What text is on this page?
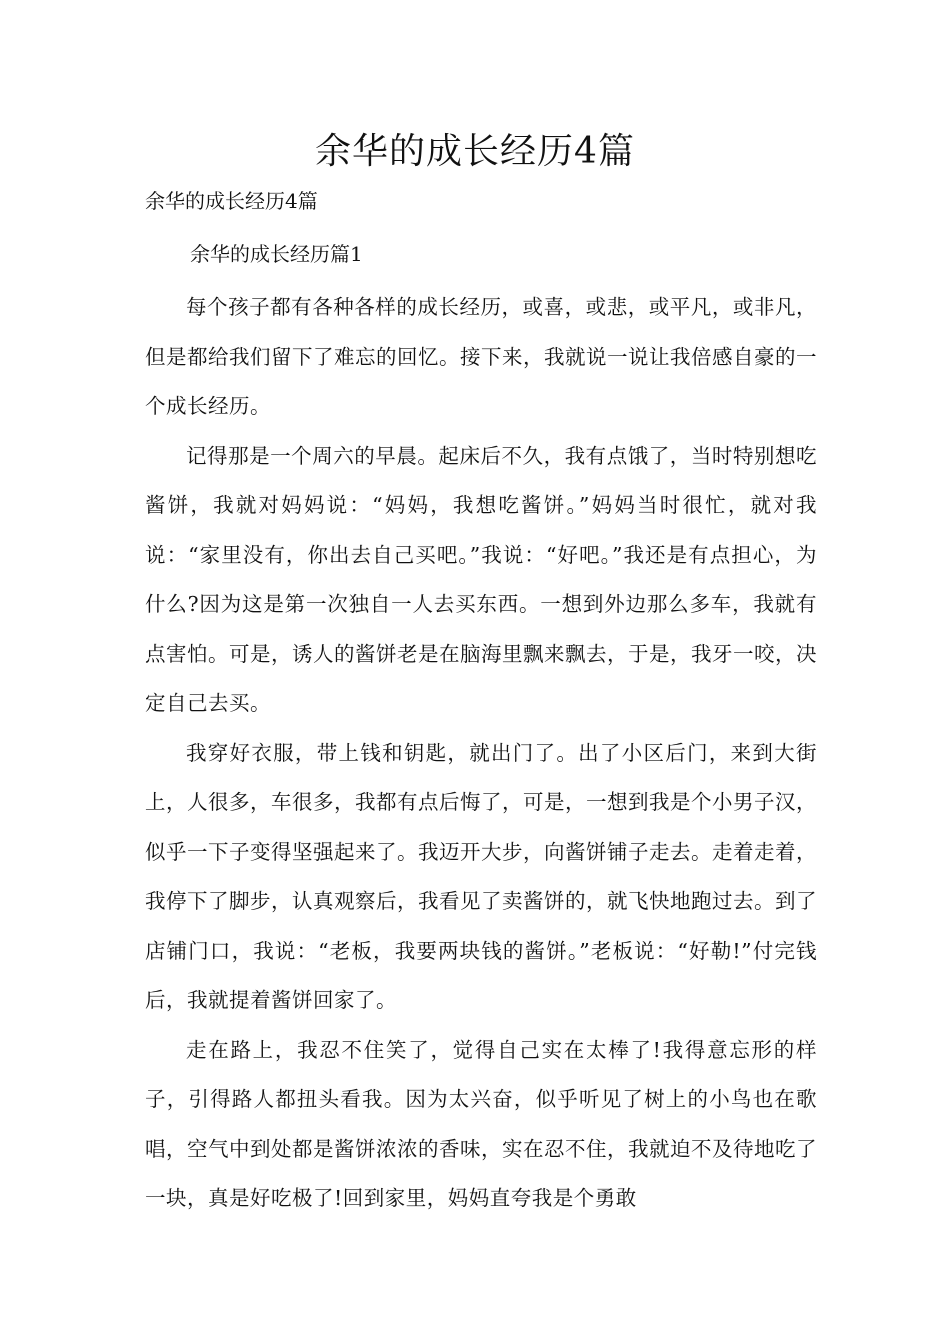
余华的成长经历4篇
余华的成长经历4篇
余华的成长经历篇1

每个孩子都有各种各样的成长经历，或喜，或悲，或平凡，或非凡，但是都给我们留下了难忘的回忆。接下来，我就说一说让我倍感自豪的一个成长经历。

记得那是一个周六的早晨。起床后不久，我有点饿了，当时特别想吃酱饼，我就对妈妈说：“妈妈，我想吃酱饼。”妈妈当时很忙，就对我说：“家里没有，你出去自己买吧。”我说：“好吧。”我还是有点担心，为什么?因为这是第一次独自一人去买东西。一想到外边那么多车，我就有点害怕。可是，诱人的酱饼老是在脑海里飘来飘去，于是，我牙一咬，决定自己去买。

我穿好衣服，带上钱和钥匙，就出门了。出了小区后门，来到大街上，人很多，车很多，我都有点后悔了，可是，一想到我是个小男子汉，似乎一下子变得坚强起来了。我迈开大步，向酱饼铺子走去。走着走着，我停下了脚步，认真观察后，我看见了卖酱饼的，就飞快地跑过去。到了店铺门口，我说：“老板，我要两块钱的酱饼。”老板说：“好勒!”付完钱后，我就提着酱饼回家了。

走在路上，我忍不住笑了，觉得自己实在太棒了!我得意忘形的样子，引得路人都扭头看我。因为太兴奋，似乎听见了树上的小鸟也在歌唱，空气中到处都是酱饼浓浓的香味，实在忍不住，我就迫不及待地吃了一块，真是好吃极了!回到家里，妈妈直夸我是个勇敢
